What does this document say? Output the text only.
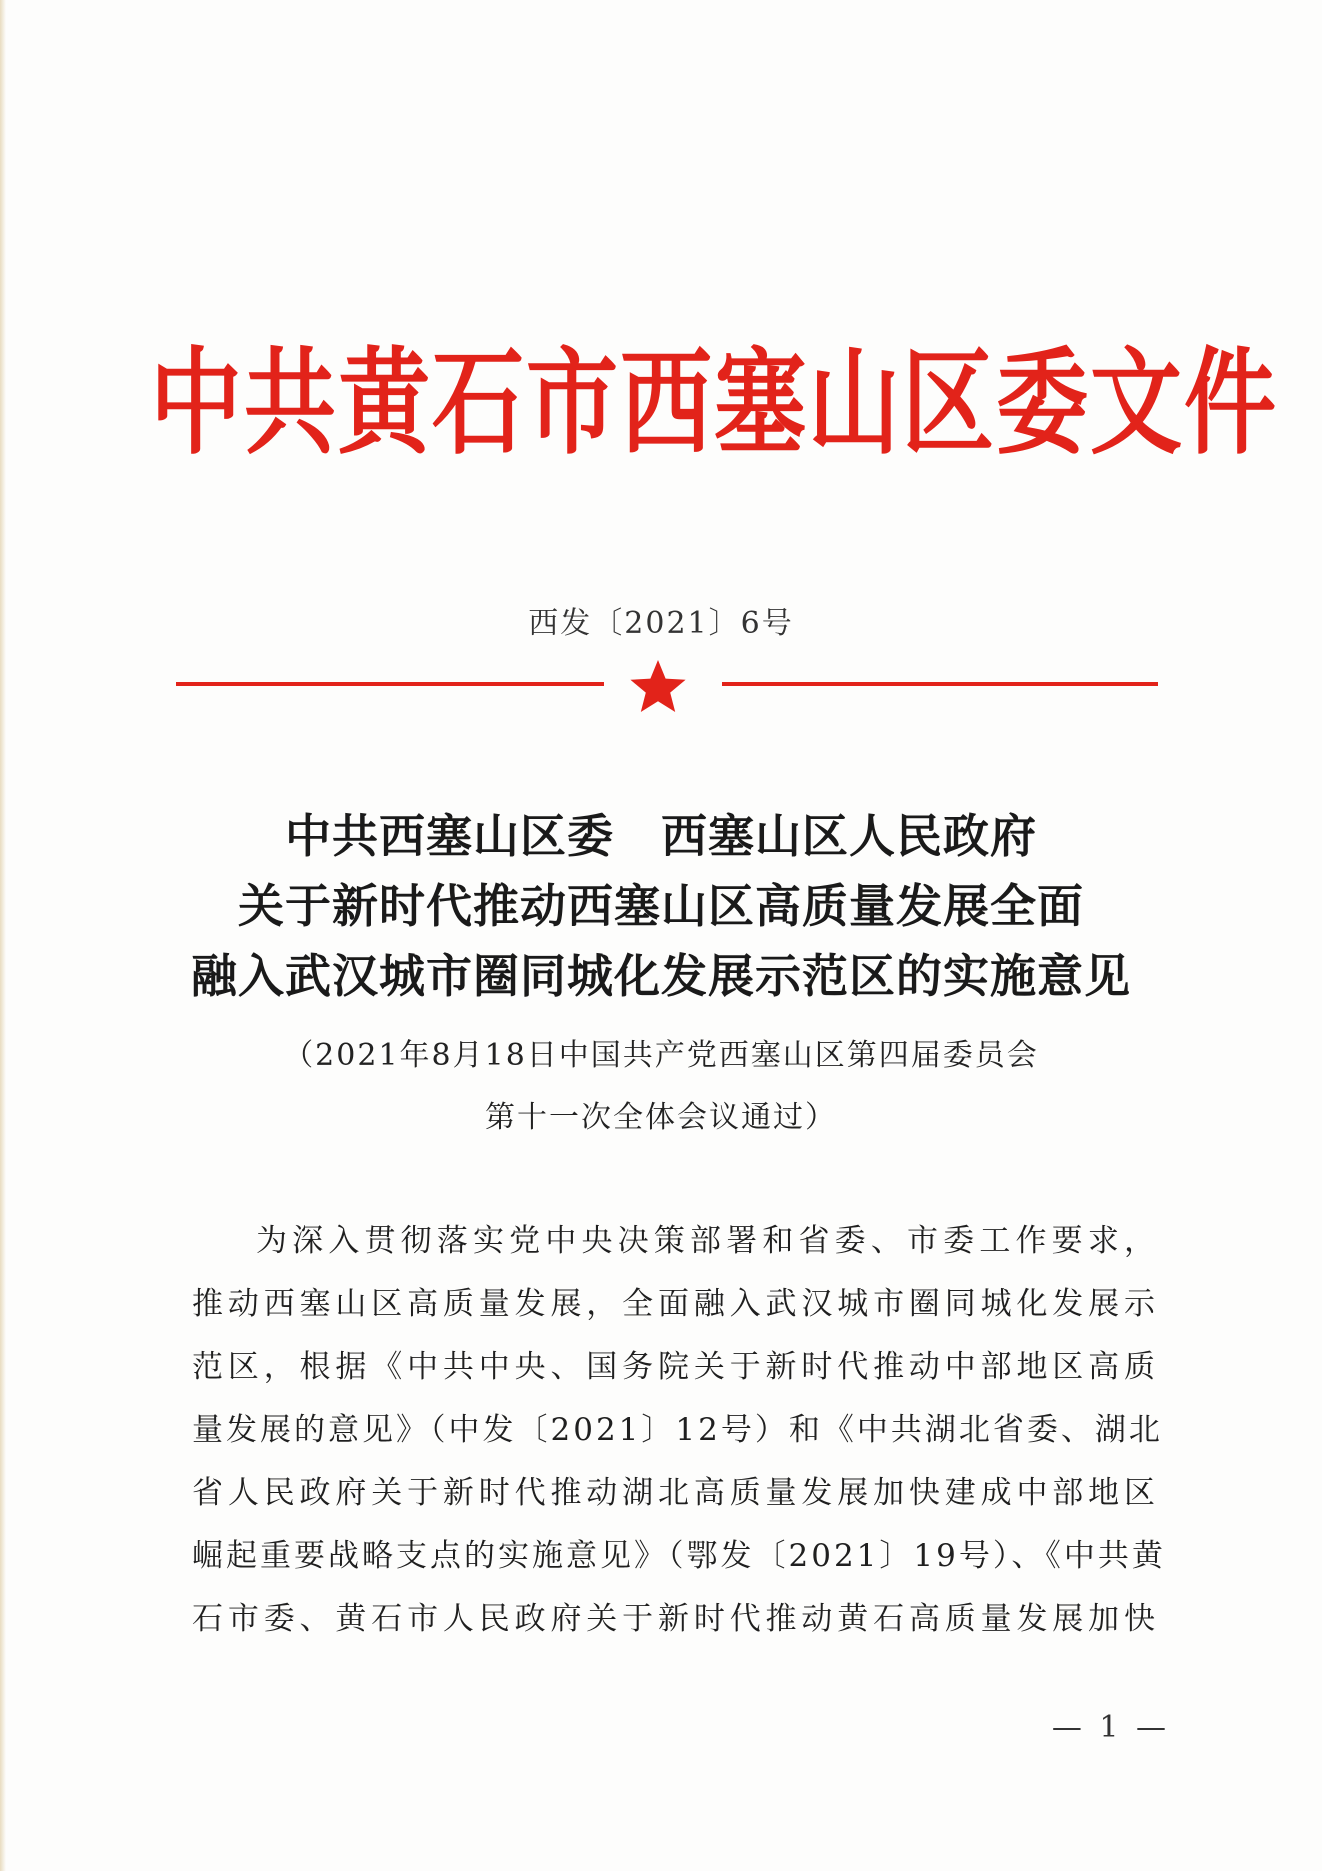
中共黄石市西塞山区委文件
西发〔2021〕6号
中共西塞山区委　西塞山区人民政府
关于新时代推动西塞山区高质量发展全面
融入武汉城市圈同城化发展示范区的实施意见
（2021年8月18日中国共产党西塞山区第四届委员会
第十一次全体会议通过）
为深入贯彻落实党中央决策部署和省委、市委工作要求，
推动西塞山区高质量发展，全面融入武汉城市圈同城化发展示
范区，根据《中共中央、国务院关于新时代推动中部地区高质
量发展的意见》（中发〔2021〕12号）和《中共湖北省委、湖北
省人民政府关于新时代推动湖北高质量发展加快建成中部地区
崛起重要战略支点的实施意见》（鄂发〔2021〕19号）、《中共黄
石市委、黄石市人民政府关于新时代推动黄石高质量发展加快
— 1 —
